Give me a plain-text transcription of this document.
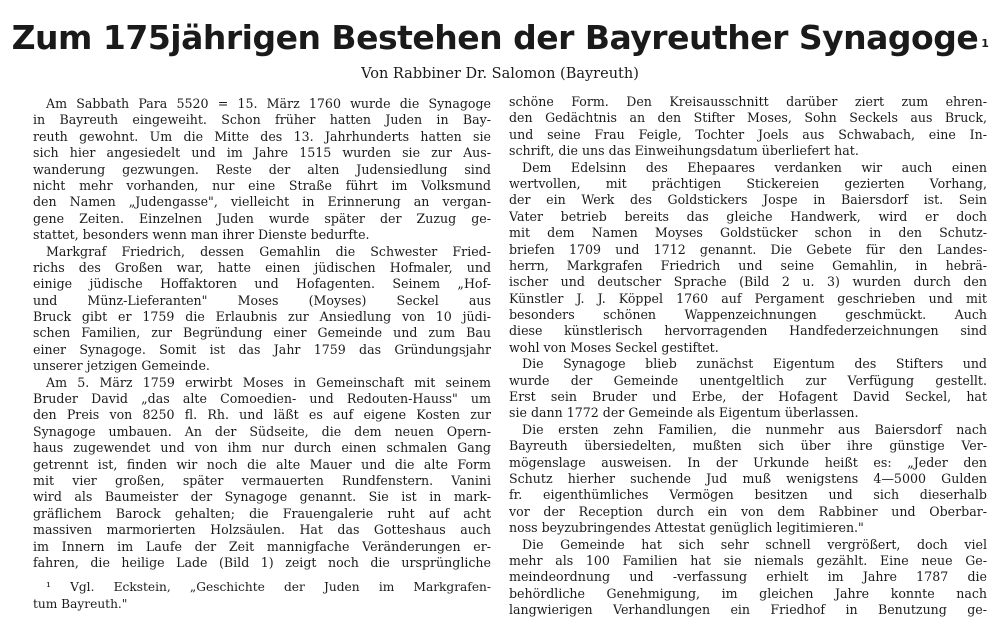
Zum 175jährigen Bestehen der Bayreuther Synagoge $^1$
Von Rabbiner Dr. Salomon (Bayreuth)
Am Sabbath Para 5520 = 15. März 1760 wurde die Synagoge
in Bayreuth eingeweiht. Schon früher hatten Juden in Bay-
reuth gewohnt. Um die Mitte des 13. Jahrhunderts hatten sie
sich hier angesiedelt und im Jahre 1515 wurden sie zur Aus-
wanderung gezwungen. Reste der alten Judensiedlung sind
nicht mehr vorhanden, nur eine Straße führt im Volksmund
den Namen „Judengasse", vielleicht in Erinnerung an vergan-
gene Zeiten. Einzelnen Juden wurde später der Zuzug ge-
stattet, besonders wenn man ihrer Dienste bedurfte.
Markgraf Friedrich, dessen Gemahlin die Schwester Fried-
richs des Großen war, hatte einen jüdischen Hofmaler, und
einige jüdische Hoffaktoren und Hofagenten. Seinem „Hof-
und Münz-Lieferanten" Moses (Moyses) Seckel aus
Bruck gibt er 1759 die Erlaubnis zur Ansiedlung von 10 jüdi-
schen Familien, zur Begründung einer Gemeinde und zum Bau
einer Synagoge. Somit ist das Jahr 1759 das Gründungsjahr
unserer jetzigen Gemeinde.
Am 5. März 1759 erwirbt Moses in Gemeinschaft mit seinem
Bruder David „das alte Comoedien- und Redouten-Hauss" um
den Preis von 8250 fl. Rh. und läßt es auf eigene Kosten zur
Synagoge umbauen. An der Südseite, die dem neuen Opern-
haus zugewendet und von ihm nur durch einen schmalen Gang
getrennt ist, finden wir noch die alte Mauer und die alte Form
mit vier großen, später vermauerten Rundfenstern. Vanini
wird als Baumeister der Synagoge genannt. Sie ist in mark-
gräflichem Barock gehalten; die Frauengalerie ruht auf acht
massiven marmorierten Holzsäulen. Hat das Gotteshaus auch
im Innern im Laufe der Zeit mannigfache Veränderungen er-
fahren, die heilige Lade (Bild 1) zeigt noch die ursprüngliche
¹ Vgl. Eckstein, „Geschichte der Juden im Markgrafen-
tum Bayreuth."
schöne Form. Den Kreisausschnitt darüber ziert zum ehren-
den Gedächtnis an den Stifter Moses, Sohn Seckels aus Bruck,
und seine Frau Feigle, Tochter Joels aus Schwabach, eine In-
schrift, die uns das Einweihungsdatum überliefert hat.
Dem Edelsinn des Ehepaares verdanken wir auch einen
wertvollen, mit prächtigen Stickereien gezierten Vorhang,
der ein Werk des Goldstickers Jospe in Baiersdorf ist. Sein
Vater betrieb bereits das gleiche Handwerk, wird er doch
mit dem Namen Moyses Goldstücker schon in den Schutz-
briefen 1709 und 1712 genannt. Die Gebete für den Landes-
herrn, Markgrafen Friedrich und seine Gemahlin, in hebrä-
ischer und deutscher Sprache (Bild 2 u. 3) wurden durch den
Künstler J. J. Köppel 1760 auf Pergament geschrieben und mit
besonders schönen Wappenzeichnungen geschmückt. Auch
diese künstlerisch hervorragenden Handfederzeichnungen sind
wohl von Moses Seckel gestiftet.
Die Synagoge blieb zunächst Eigentum des Stifters und
wurde der Gemeinde unentgeltlich zur Verfügung gestellt.
Erst sein Bruder und Erbe, der Hofagent David Seckel, hat
sie dann 1772 der Gemeinde als Eigentum überlassen.
Die ersten zehn Familien, die nunmehr aus Baiersdorf nach
Bayreuth übersiedelten, mußten sich über ihre günstige Ver-
mögenslage ausweisen. In der Urkunde heißt es: „Jeder den
Schutz hierher suchende Jud muß wenigstens 4—5000 Gulden
fr. eigenthümliches Vermögen besitzen und sich dieserhalb
vor der Reception durch ein von dem Rabbiner und Oberbar-
noss beyzubringendes Attestat genüglich legitimieren."
Die Gemeinde hat sich sehr schnell vergrößert, doch viel
mehr als 100 Familien hat sie niemals gezählt. Eine neue Ge-
meindeordnung und -verfassung erhielt im Jahre 1787 die
behördliche Genehmigung, im gleichen Jahre konnte nach
langwierigen Verhandlungen ein Friedhof in Benutzung ge-
